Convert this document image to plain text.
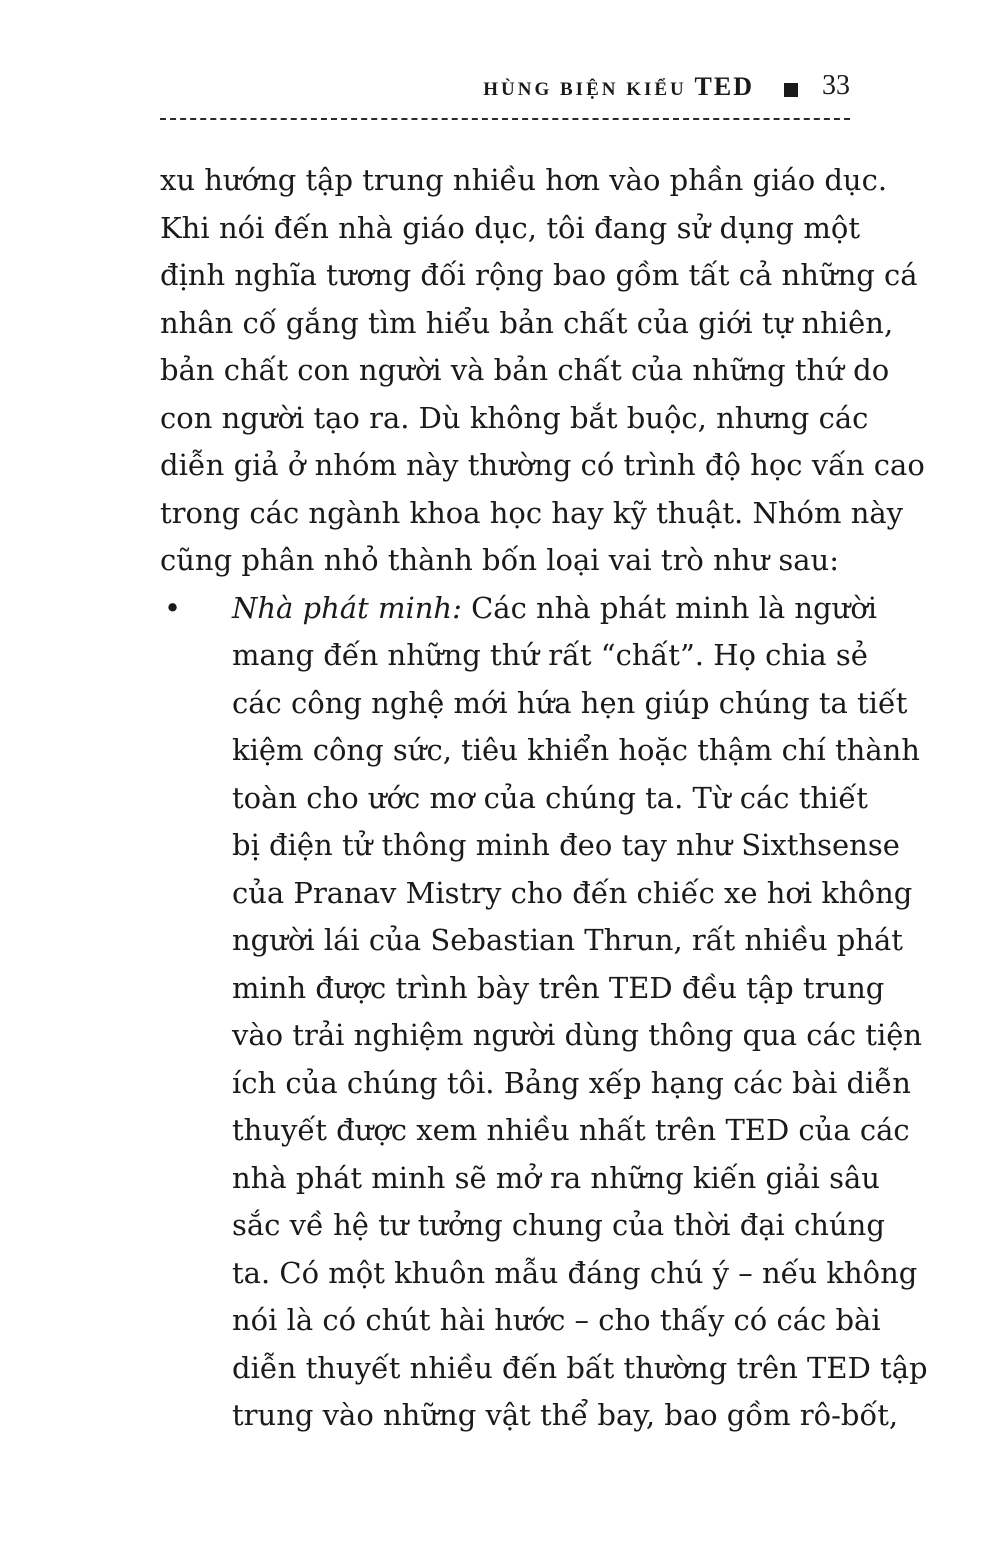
HÙNG BIỆN KIỂU TED 33
xu hướng tập trung nhiều hơn vào phần giáo dục.
Khi nói đến nhà giáo dục, tôi đang sử dụng một
định nghĩa tương đối rộng bao gồm tất cả những cá
nhân cố gắng tìm hiểu bản chất của giới tự nhiên,
bản chất con người và bản chất của những thứ do
con người tạo ra. Dù không bắt buộc, nhưng các
diễn giả ở nhóm này thường có trình độ học vấn cao
trong các ngành khoa học hay kỹ thuật. Nhóm này
cũng phân nhỏ thành bốn loại vai trò như sau:
• Nhà phát minh: Các nhà phát minh là người
mang đến những thứ rất “chất”. Họ chia sẻ
các công nghệ mới hứa hẹn giúp chúng ta tiết
kiệm công sức, tiêu khiển hoặc thậm chí thành
toàn cho ước mơ của chúng ta. Từ các thiết
bị điện tử thông minh đeo tay như Sixthsense
của Pranav Mistry cho đến chiếc xe hơi không
người lái của Sebastian Thrun, rất nhiều phát
minh được trình bày trên TED đều tập trung
vào trải nghiệm người dùng thông qua các tiện
ích của chúng tôi. Bảng xếp hạng các bài diễn
thuyết được xem nhiều nhất trên TED của các
nhà phát minh sẽ mở ra những kiến giải sâu
sắc về hệ tư tưởng chung của thời đại chúng
ta. Có một khuôn mẫu đáng chú ý – nếu không
nói là có chút hài hước – cho thấy có các bài
diễn thuyết nhiều đến bất thường trên TED tập
trung vào những vật thể bay, bao gồm rô-bốt,
